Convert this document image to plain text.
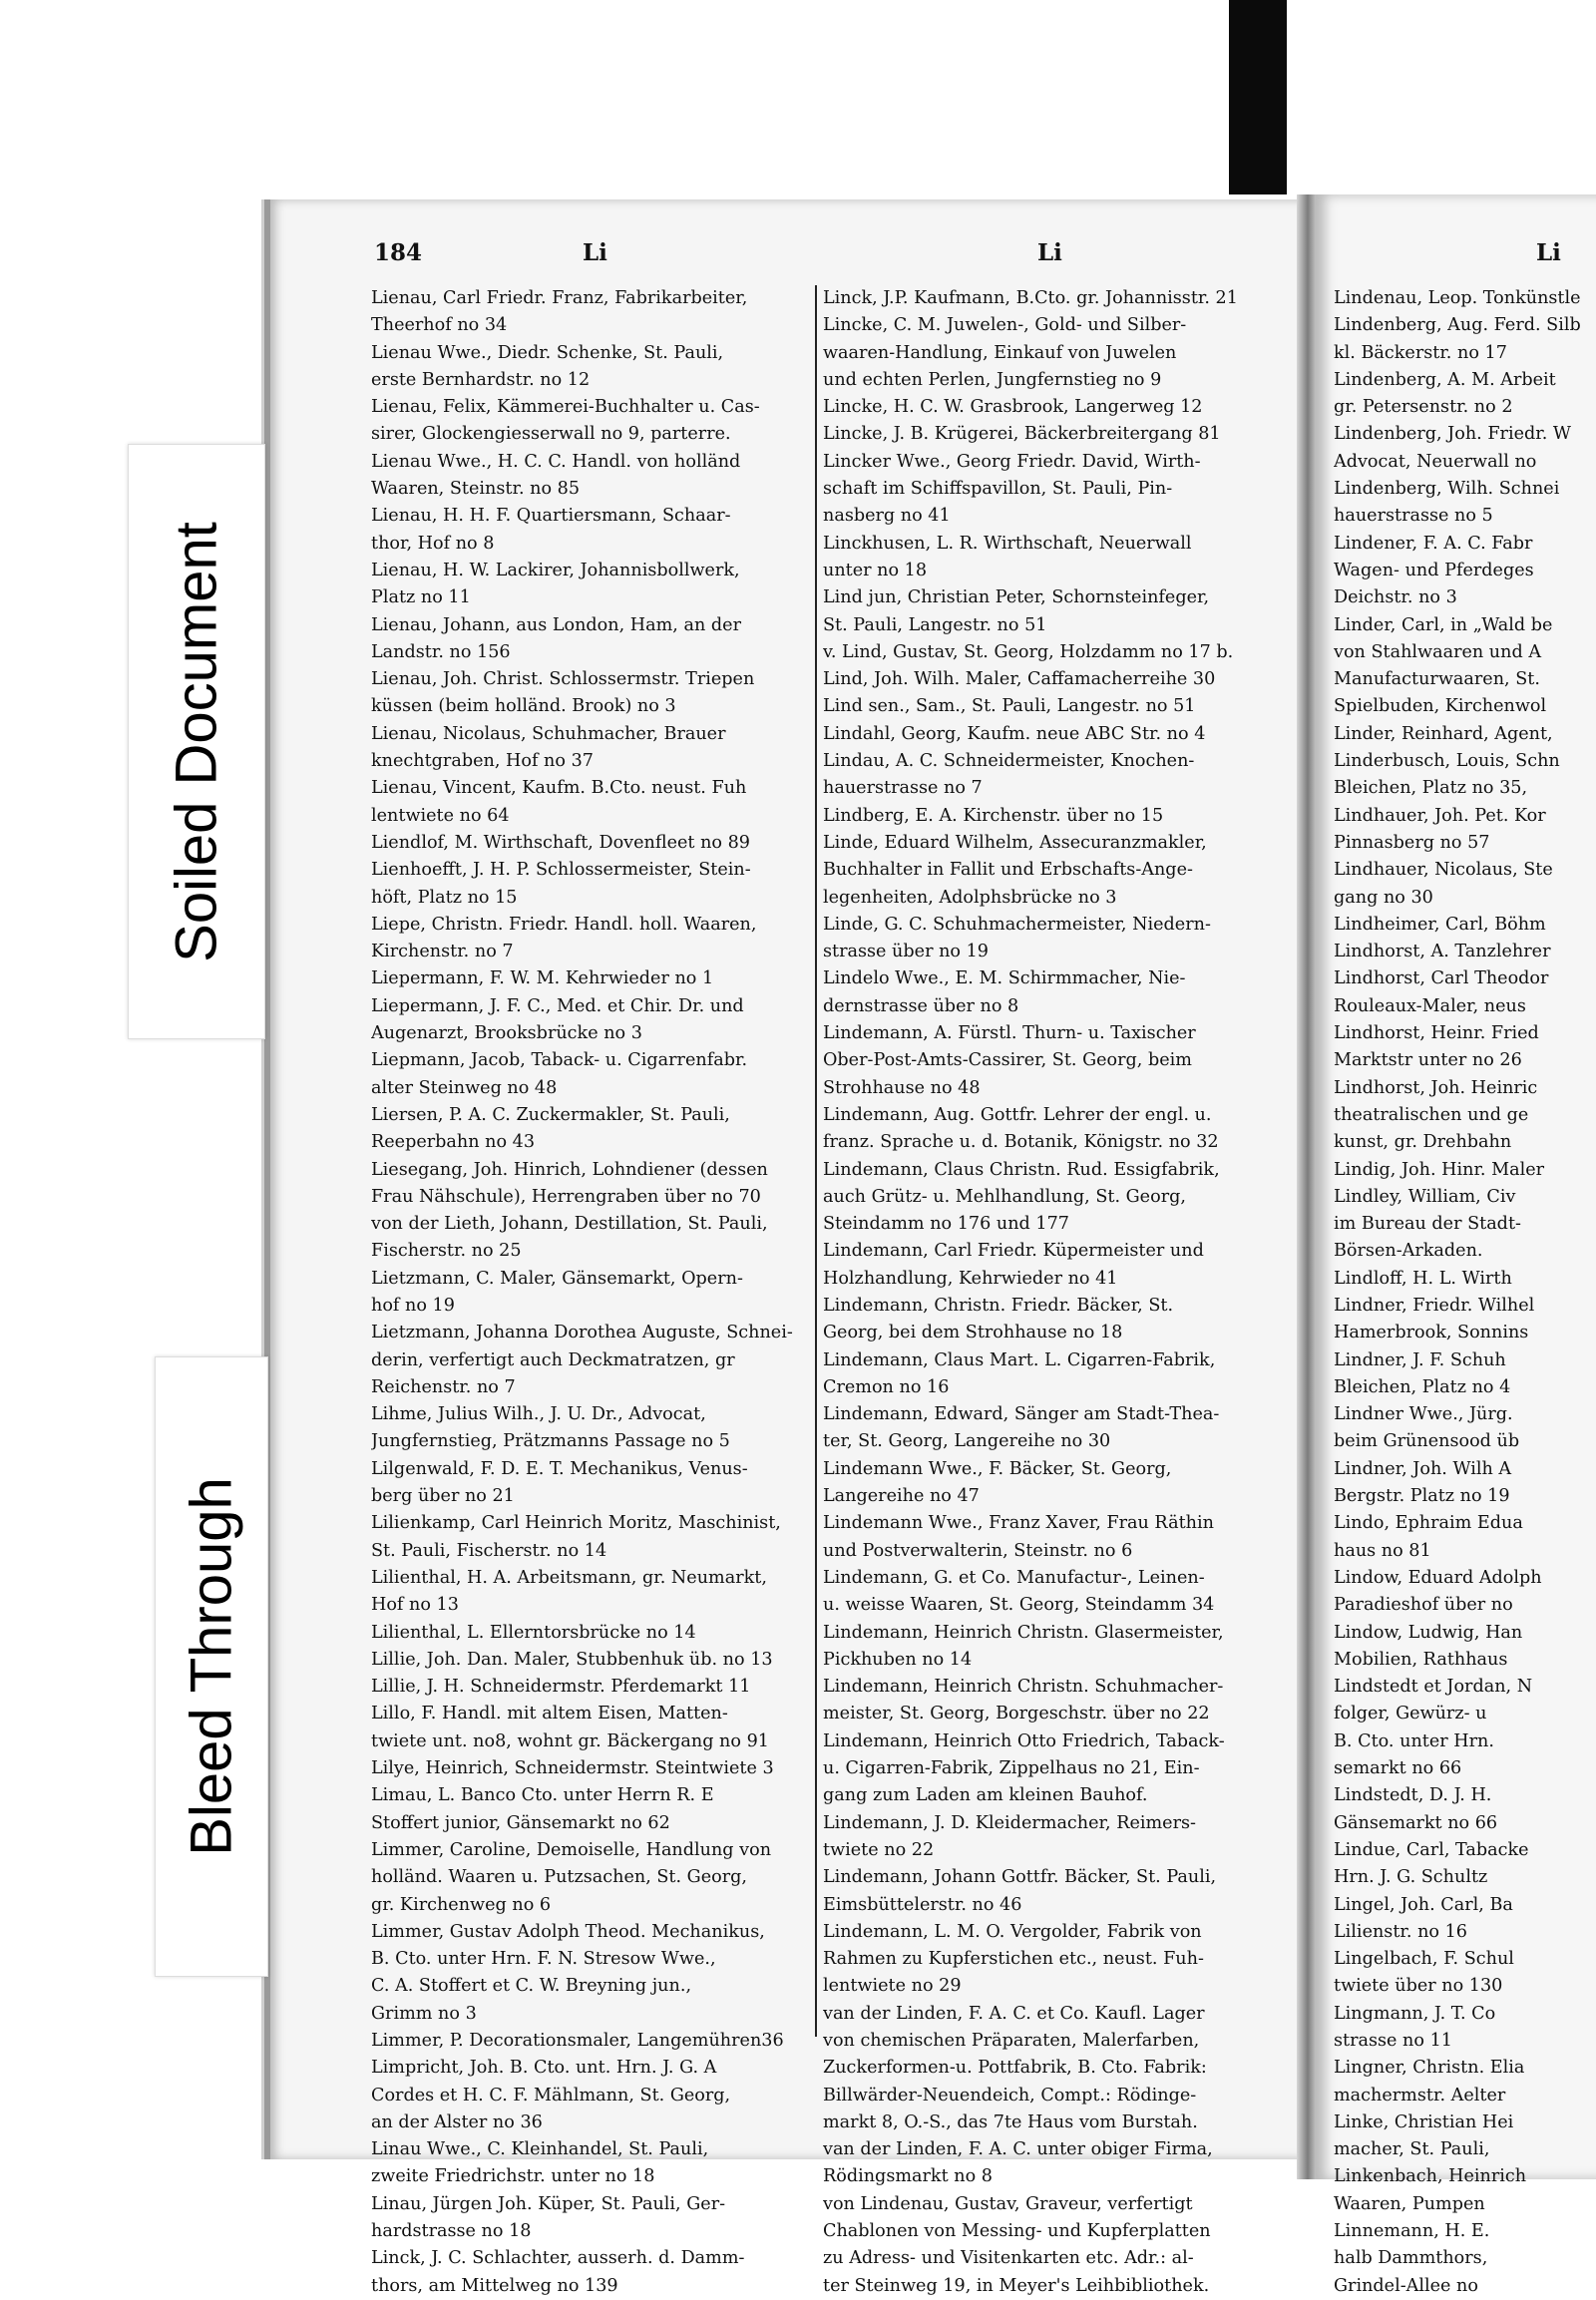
Soiled Document
Bleed Through
184	Li	Li	Li
Lienau, Carl Friedr. Franz, Fabrikarbeiter,
Theerhof no 34
Lienau Wwe., Diedr. Schenke, St. Pauli,
erste Bernhardstr. no 12
Lienau, Felix, Kämmerei-Buchhalter u. Cas-
sirer, Glockengiesserwall no 9, parterre.
Lienau Wwe., H. C. C. Handl. von holländ
Waaren, Steinstr. no 85
Lienau, H. H. F. Quartiersmann, Schaar-
thor, Hof no 8
Lienau, H. W. Lackirer, Johannisbollwerk,
Platz no 11
Lienau, Johann, aus London, Ham, an der
Landstr. no 156
Lienau, Joh. Christ. Schlossermstr. Triepen
küssen (beim holländ. Brook) no 3
Lienau, Nicolaus, Schuhmacher, Brauer
knechtgraben, Hof no 37
Lienau, Vincent, Kaufm. B.Cto. neust. Fuh
lentwiete no 64
Liendlof, M. Wirthschaft, Dovenfleet no 89
Lienhoefft, J. H. P. Schlossermeister, Stein-
höft, Platz no 15
Liepe, Christn. Friedr. Handl. holl. Waaren,
Kirchenstr. no 7
Liepermann, F. W. M. Kehrwieder no 1
Liepermann, J. F. C., Med. et Chir. Dr. und
Augenarzt, Brooksbrücke no 3
Liepmann, Jacob, Taback- u. Cigarrenfabr.
alter Steinweg no 48
Liersen, P. A. C. Zuckermakler, St. Pauli,
Reeperbahn no 43
Liesegang, Joh. Hinrich, Lohndiener (dessen
Frau Nähschule), Herrengraben über no 70
von der Lieth, Johann, Destillation, St. Pauli,
Fischerstr. no 25
Lietzmann, C. Maler, Gänsemarkt, Opern-
hof no 19
Lietzmann, Johanna Dorothea Auguste, Schnei-
derin, verfertigt auch Deckmatratzen, gr
Reichenstr. no 7
Lihme, Julius Wilh., J. U. Dr., Advocat,
Jungfernstieg, Prätzmanns Passage no 5
Lilgenwald, F. D. E. T. Mechanikus, Venus-
berg über no 21
Lilienkamp, Carl Heinrich Moritz, Maschinist,
St. Pauli, Fischerstr. no 14
Lilienthal, H. A. Arbeitsmann, gr. Neumarkt,
Hof no 13
Lilienthal, L. Ellerntorsbrücke no 14
Lillie, Joh. Dan. Maler, Stubbenhuk üb. no 13
Lillie, J. H. Schneidermstr. Pferdemarkt 11
Lillo, F. Handl. mit altem Eisen, Matten-
twiete unt. no8, wohnt gr. Bäckergang no 91
Lilye, Heinrich, Schneidermstr. Steintwiete 3
Limau, L. Banco Cto. unter Herrn R. E
Stoffert junior, Gänsemarkt no 62
Limmer, Caroline, Demoiselle, Handlung von
holländ. Waaren u. Putzsachen, St. Georg,
gr. Kirchenweg no 6
Limmer, Gustav Adolph Theod. Mechanikus,
B. Cto. unter Hrn. F. N. Stresow Wwe.,
C. A. Stoffert et C. W. Breyning jun.,
Grimm no 3
Limmer, P. Decorationsmaler, Langemühren36
Limpricht, Joh. B. Cto. unt. Hrn. J. G. A
Cordes et H. C. F. Mählmann, St. Georg,
an der Alster no 36
Linau Wwe., C. Kleinhandel, St. Pauli,
zweite Friedrichstr. unter no 18
Linau, Jürgen Joh. Küper, St. Pauli, Ger-
hardstrasse no 18
Linck, J. C. Schlachter, ausserh. d. Damm-
thors, am Mittelweg no 139
Linck, J.P. Kaufmann, B.Cto. gr. Johannisstr. 21
Lincke, C. M. Juwelen-, Gold- und Silber-
waaren-Handlung, Einkauf von Juwelen
und echten Perlen, Jungfernstieg no 9
Lincke, H. C. W. Grasbrook, Langerweg 12
Lincke, J. B. Krügerei, Bäckerbreitergang 81
Lincker Wwe., Georg Friedr. David, Wirth-
schaft im Schiffspavillon, St. Pauli, Pin-
nasberg no 41
Linckhusen, L. R. Wirthschaft, Neuerwall
unter no 18
Lind jun, Christian Peter, Schornsteinfeger,
St. Pauli, Langestr. no 51
v. Lind, Gustav, St. Georg, Holzdamm no 17 b.
Lind, Joh. Wilh. Maler, Caffamacherreihe 30
Lind sen., Sam., St. Pauli, Langestr. no 51
Lindahl, Georg, Kaufm. neue ABC Str. no 4
Lindau, A. C. Schneidermeister, Knochen-
hauerstrasse no 7
Lindberg, E. A. Kirchenstr. über no 15
Linde, Eduard Wilhelm, Assecuranzmakler,
Buchhalter in Fallit und Erbschafts-Ange-
legenheiten, Adolphsbrücke no 3
Linde, G. C. Schuhmachermeister, Niedern-
strasse über no 19
Lindelo Wwe., E. M. Schirmmacher, Nie-
dernstrasse über no 8
Lindemann, A. Fürstl. Thurn- u. Taxischer
Ober-Post-Amts-Cassirer, St. Georg, beim
Strohhause no 48
Lindemann, Aug. Gottfr. Lehrer der engl. u.
franz. Sprache u. d. Botanik, Königstr. no 32
Lindemann, Claus Christn. Rud. Essigfabrik,
auch Grütz- u. Mehlhandlung, St. Georg,
Steindamm no 176 und 177
Lindemann, Carl Friedr. Küpermeister und
Holzhandlung, Kehrwieder no 41
Lindemann, Christn. Friedr. Bäcker, St.
Georg, bei dem Strohhause no 18
Lindemann, Claus Mart. L. Cigarren-Fabrik,
Cremon no 16
Lindemann, Edward, Sänger am Stadt-Thea-
ter, St. Georg, Langereihe no 30
Lindemann Wwe., F. Bäcker, St. Georg,
Langereihe no 47
Lindemann Wwe., Franz Xaver, Frau Räthin
und Postverwalterin, Steinstr. no 6
Lindemann, G. et Co. Manufactur-, Leinen-
u. weisse Waaren, St. Georg, Steindamm 34
Lindemann, Heinrich Christn. Glasermeister,
Pickhuben no 14
Lindemann, Heinrich Christn. Schuhmacher-
meister, St. Georg, Borgeschstr. über no 22
Lindemann, Heinrich Otto Friedrich, Taback-
u. Cigarren-Fabrik, Zippelhaus no 21, Ein-
gang zum Laden am kleinen Bauhof.
Lindemann, J. D. Kleidermacher, Reimers-
twiete no 22
Lindemann, Johann Gottfr. Bäcker, St. Pauli,
Eimsbüttelerstr. no 46
Lindemann, L. M. O. Vergolder, Fabrik von
Rahmen zu Kupferstichen etc., neust. Fuh-
lentwiete no 29
van der Linden, F. A. C. et Co. Kaufl. Lager
von chemischen Präparaten, Malerfarben,
Zuckerformen-u. Pottfabrik, B. Cto. Fabrik:
Billwärder-Neuendeich, Compt.: Rödinge-
markt 8, O.-S., das 7te Haus vom Burstah.
van der Linden, F. A. C. unter obiger Firma,
Rödingsmarkt no 8
von Lindenau, Gustav, Graveur, verfertigt
Chablonen von Messing- und Kupferplatten
zu Adress- und Visitenkarten etc. Adr.: al-
ter Steinweg 19, in Meyer's Leihbibliothek.
Lindenau, Leop. Tonkünstle
Lindenberg, Aug. Ferd. Silb
kl. Bäckerstr. no 17
Lindenberg, A. M. Arbeit
gr. Petersenstr. no 2
Lindenberg, Joh. Friedr. W
Advocat, Neuerwall no
Lindenberg, Wilh. Schnei
hauerstrasse no 5
Lindener, F. A. C. Fabr
Wagen- und Pferdeges
Deichstr. no 3
Linder, Carl, in „Wald be
von Stahlwaaren und A
Manufacturwaaren, St.
Spielbuden, Kirchenwol
Linder, Reinhard, Agent,
Linderbusch, Louis, Schn
Bleichen, Platz no 35,
Lindhauer, Joh. Pet. Kor
Pinnasberg no 57
Lindhauer, Nicolaus, Ste
gang no 30
Lindheimer, Carl, Böhm
Lindhorst, A. Tanzlehrer
Lindhorst, Carl Theodor
Rouleaux-Maler, neus
Lindhorst, Heinr. Fried
Marktstr unter no 26
Lindhorst, Joh. Heinric
theatralischen und ge
kunst, gr. Drehbahn
Lindig, Joh. Hinr. Maler
Lindley, William, Civ
im Bureau der Stadt-
Börsen-Arkaden.
Lindloff, H. L. Wirth
Lindner, Friedr. Wilhel
Hamerbrook, Sonnins
Lindner, J. F. Schuh
Bleichen, Platz no 4
Lindner Wwe., Jürg.
beim Grünensood üb
Lindner, Joh. Wilh A
Bergstr. Platz no 19
Lindo, Ephraim Edua
haus no 81
Lindow, Eduard Adolph
Paradieshof über no
Lindow, Ludwig, Han
Mobilien, Rathhaus
Lindstedt et Jordan, N
folger, Gewürz- u
B. Cto. unter Hrn.
semarkt no 66
Lindstedt, D. J. H.
Gänsemarkt no 66
Lindue, Carl, Tabacke
Hrn. J. G. Schultz
Lingel, Joh. Carl, Ba
Lilienstr. no 16
Lingelbach, F. Schul
twiete über no 130
Lingmann, J. T. Co
strasse no 11
Lingner, Christn. Elia
machermstr. Aelter
Linke, Christian Hei
macher, St. Pauli,
Linkenbach, Heinrich
Waaren, Pumpen
Linnemann, H. E.
halb Dammthors,
Grindel-Allee no
